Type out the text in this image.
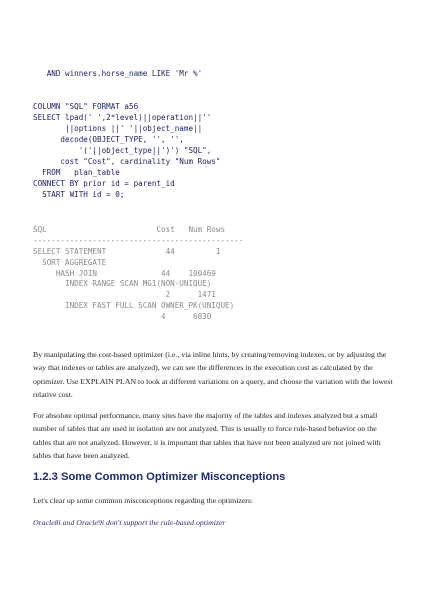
AND winners.horse_name LIKE 'Mr %'
COLUMN "SQL" FORMAT a56
SELECT lpad(' ',2*level)||operation||''
||options ||' '||object_name||
decode(OBJECT_TYPE, '', '',
'('||object_type||')') "SQL",
cost "Cost", cardinality "Num Rows"
FROM   plan_table
CONNECT BY prior id = parent_id
START WITH id = 0;
SQL                        Cost   Num Rows
----------------------------------------------
SELECT STATEMENT             44         1
SORT AGGREGATE
HASH JOIN              44    100469
INDEX RANGE SCAN MG1(NON-UNIQUE)
2      1471
INDEX FAST FULL SCAN OWNER_PK(UNIQUE)
4      6830

By manipulating the cost-based optimizer (i.e., via inline hints, by creating/removing indexes, or by adjusting the way that indexes or tables are analyzed), we can see the differences in the execution cost as calculated by the optimizer. Use EXPLAIN PLAN to look at different variations on a query, and choose the variation with the lowest relative cost.

For absolute optimal performance, many sites have the majority of the tables and indexes analyzed but a small number of tables that are used in isolation are not analyzed. This is usually to force rule-based behavior on the tables that are not analyzed. However, it is important that tables that have not been analyzed are not joined with tables that have been analyzed.

1.2.3 Some Common Optimizer Misconceptions

Let's clear up some common misconceptions regarding the optimizers:

Oracle8i and Oracle9i don't support the rule-based optimizer
